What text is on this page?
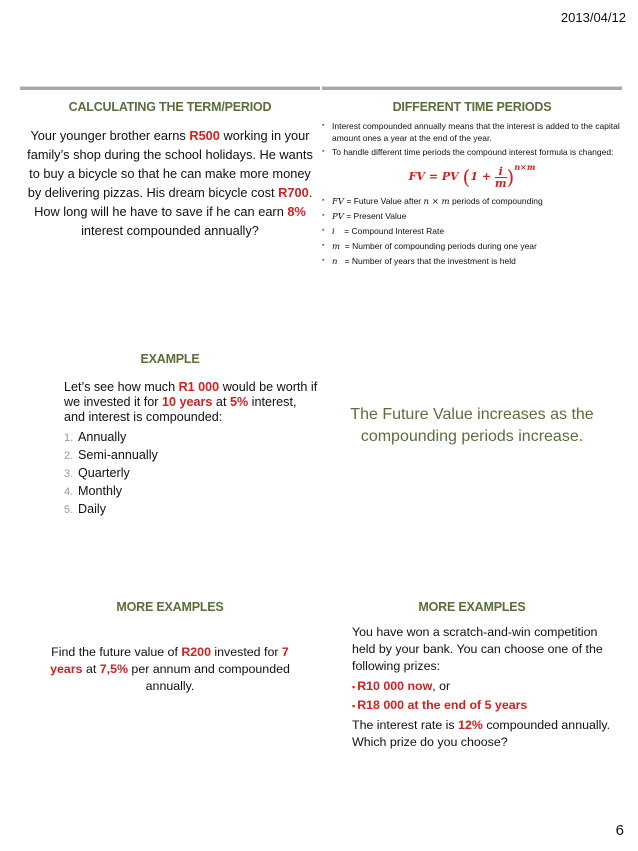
2013/04/12
CALCULATING THE TERM/PERIOD
Your younger brother earns R500 working in your family’s shop during the school holidays. He wants to buy a bicycle so that he can make more money by delivering pizzas. His dream bicycle cost R700. How long will he have to save if he can earn 8% interest compounded annually?
DIFFERENT TIME PERIODS
▪ Interest compounded annually means that the interest is added to the capital amount ones a year at the end of the year.
▪ To handle different time periods the compound interest formula is changed:
FV = PV $(1 + \frac{i}{m} )^{n\times m}$
▪ FV = Future Value after n × m periods of compounding
▪ PV = Present Value
▪ i    = Compound Interest Rate
▪ m  = Number of compounding periods during one year
▪ n   = Number of years that the investment is held
EXAMPLE
Let’s see how much R1 000 would be worth if we invested it for 10 years at 5% interest, and interest is compounded:
1. Annually
2. Semi-annually
3. Quarterly
4. Monthly
5. Daily
The Future Value increases as the compounding periods increase.
MORE EXAMPLES
Find the future value of R200 invested for 7 years at 7,5% per annum and compounded annually.
MORE EXAMPLES
You have won a scratch-and-win competition held by your bank. You can choose one of the following prizes:
▪ R10 000 now, or
▪ R18 000 at the end of 5 years
The interest rate is 12% compounded annually. Which prize do you choose?
6
